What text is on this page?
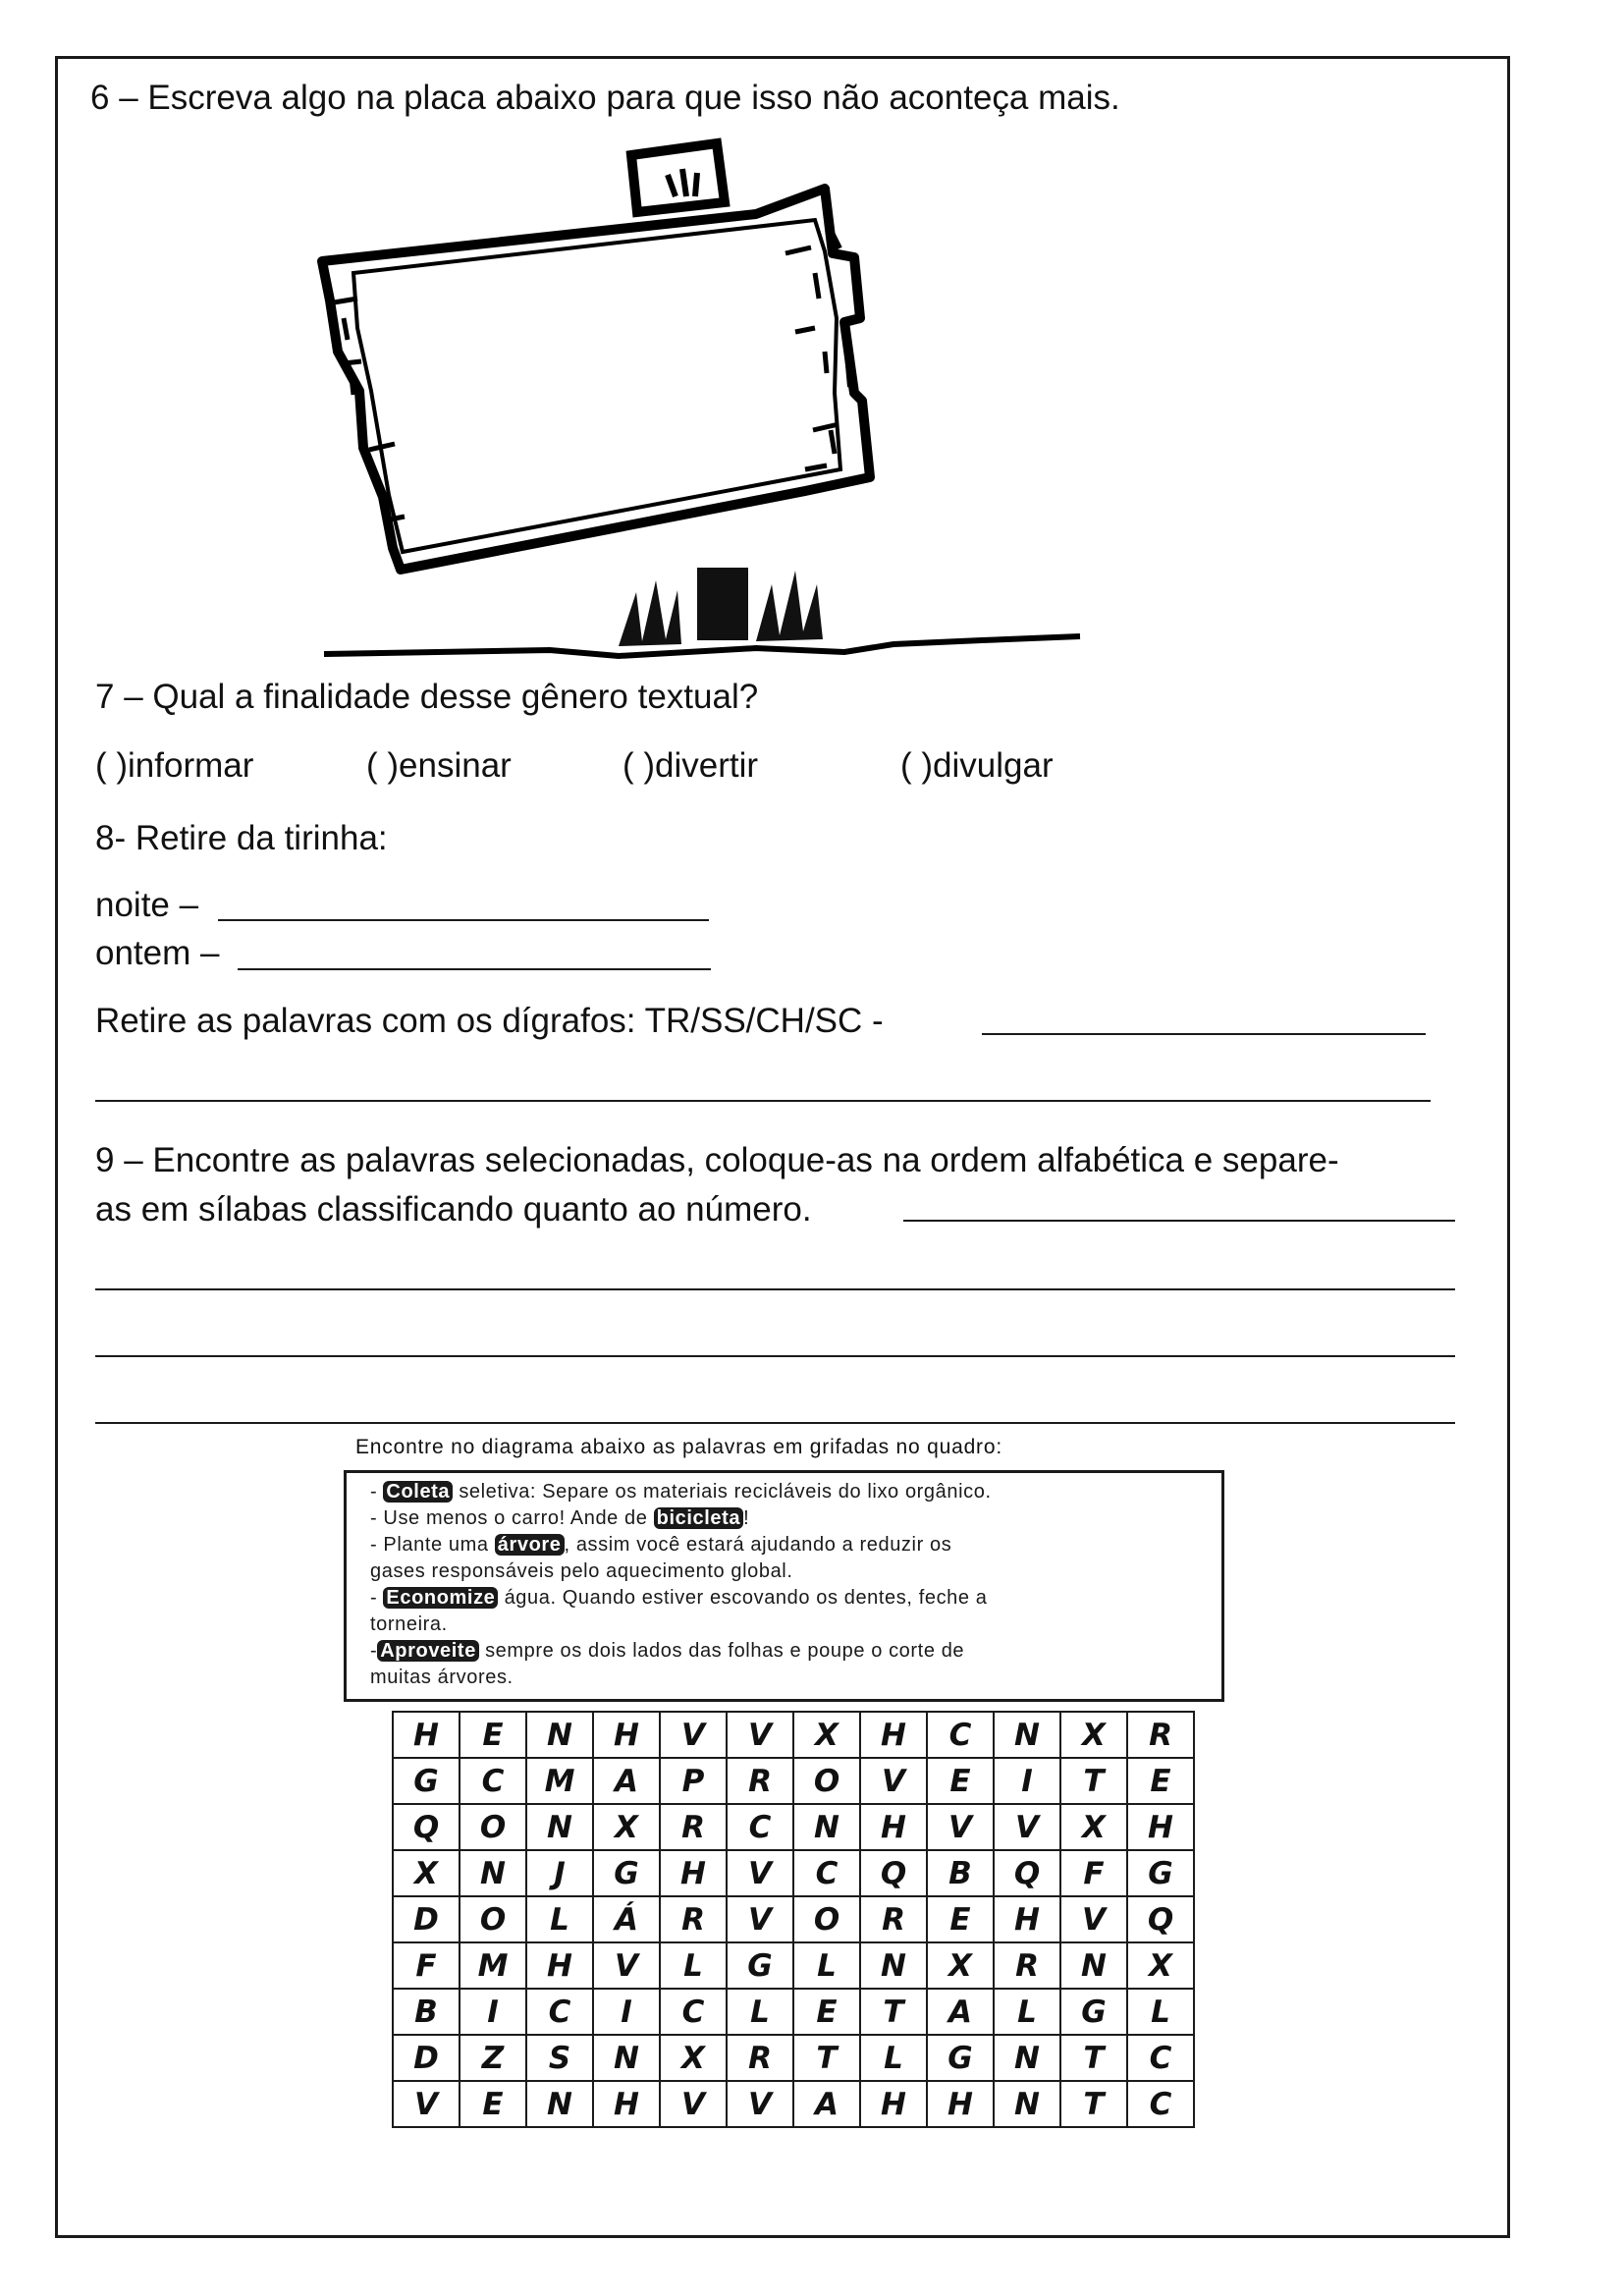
6 – Escreva algo na placa abaixo para que isso não aconteça mais.
7 – Qual a finalidade desse gênero textual?
( )informar	( )ensinar	( )divertir	( )divulgar
8- Retire da tirinha:
noite –
ontem –
Retire as palavras com os dígrafos: TR/SS/CH/SC -
9 – Encontre as palavras selecionadas, coloque-as na ordem alfabética e separe-
as em sílabas classificando quanto ao número.
Encontre no diagrama abaixo as palavras em grifadas no quadro:
- Coleta seletiva: Separe os materiais recicláveis do lixo orgânico.
- Use menos o carro! Ande de bicicleta !
- Plante uma árvore , assim você estará ajudando a reduzir os
gases responsáveis pelo aquecimento global.
- Economize água. Quando estiver escovando os dentes, feche a
torneira.
- Aproveite sempre os dois lados das folhas e poupe o corte de
muitas árvores.
H	E	N	H	V	V	X	H	C	N	X	R
G	C	M	A	P	R	O	V	E	I	T	E
Q	O	N	X	R	C	N	H	V	V	X	H
X	N	J	G	H	V	C	Q	B	Q	F	G
D	O	L	Á	R	V	O	R	E	H	V	Q
F	M	H	V	L	G	L	N	X	R	N	X
B	I	C	I	C	L	E	T	A	L	G	L
D	Z	S	N	X	R	T	L	G	N	T	C
V	E	N	H	V	V	A	H	H	N	T	C
